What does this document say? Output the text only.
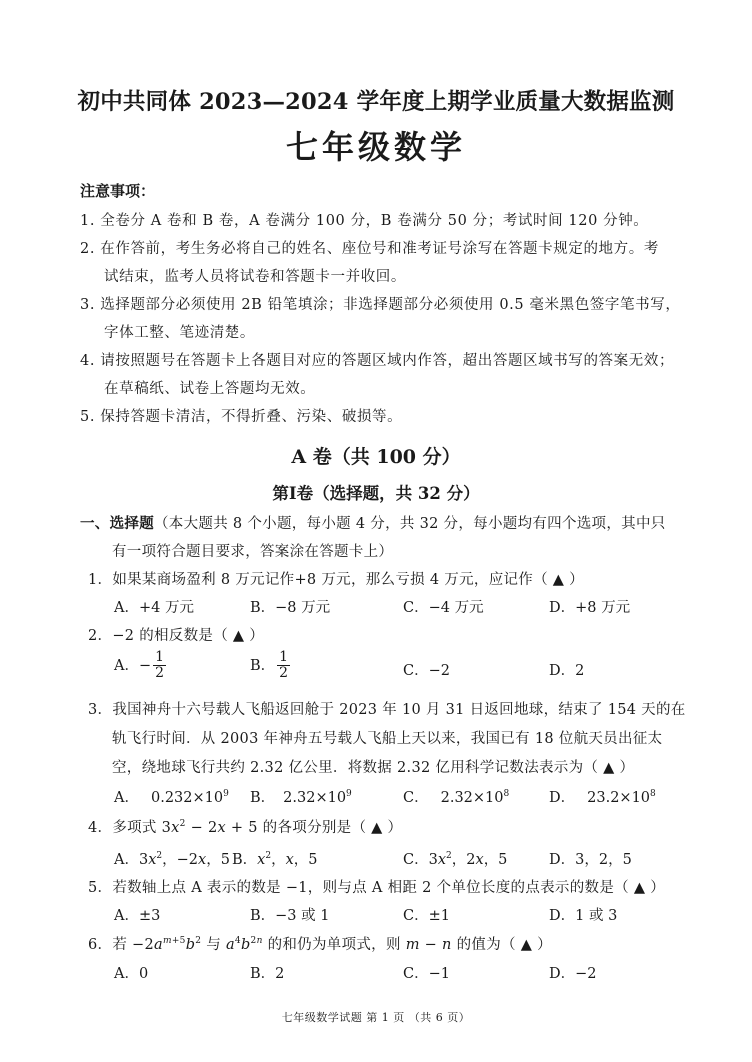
初中共同体 2023—2024 学年度上期学业质量大数据监测
七年级数学
注意事项：
1. 全卷分 A 卷和 B 卷，A 卷满分 100 分，B 卷满分 50 分；考试时间 120 分钟。
2. 在作答前，考生务必将自己的姓名、座位号和准考证号涂写在答题卡规定的地方。考
试结束，监考人员将试卷和答题卡一并收回。
3. 选择题部分必须使用 2B 铅笔填涂；非选择题部分必须使用 0.5 毫米黑色签字笔书写，
字体工整、笔迹清楚。
4. 请按照题号在答题卡上各题目对应的答题区域内作答，超出答题区域书写的答案无效；
在草稿纸、试卷上答题均无效。
5. 保持答题卡清洁，不得折叠、污染、破损等。
A 卷（共 100 分）
第Ⅰ卷（选择题，共 32 分）
一、选择题（本大题共 8 个小题，每小题 4 分，共 32 分，每小题均有四个选项，其中只
有一项符合题目要求，答案涂在答题卡上）
1．如果某商场盈利 8 万元记作+8 万元，那么亏损 4 万元，应记作（ ▲ ）
A．+4 万元	B．−8 万元	C．−4 万元	D．+8 万元
2．−2 的相反数是（ ▲ ）
A．− $\frac{1}{2}$	B． $\frac{1}{2}$	C．−2	D．2
3．我国神舟十六号载人飞船返回舱于 2023 年 10 月 31 日返回地球，结束了 154 天的在
轨飞行时间．从 2003 年神舟五号载人飞船上天以来，我国已有 18 位航天员出征太
空，绕地球飞行共约 2.32 亿公里．将数据 2.32 亿用科学记数法表示为（ ▲ ）
A． $0.232\times 10^9$ B． $2.32\times 10^9$	C． $2.32\times 10^8$	D． $23.2\times 10^8$
4．多项式 $3x^2 - 2x + 5$ 的各项分别是（ ▲ ）
A．$3x^2$，−2x，5 B．$x^2$，x，5	C．$3x^2$，2x，5	D．3，2，5
5．若数轴上点 A 表示的数是 −1，则与点 A 相距 2 个单位长度的点表示的数是（ ▲ ）
A．±3	B．−3 或 1	C．±1	D．1 或 3
6．若 $-2a^{m+5}b^2$ 与 $a^4b^{2n}$ 的和仍为单项式，则 m − n 的值为（ ▲ ）
A．0	B．2	C．−1	D．−2
七年级数学试题 第 1 页 （共 6 页）
